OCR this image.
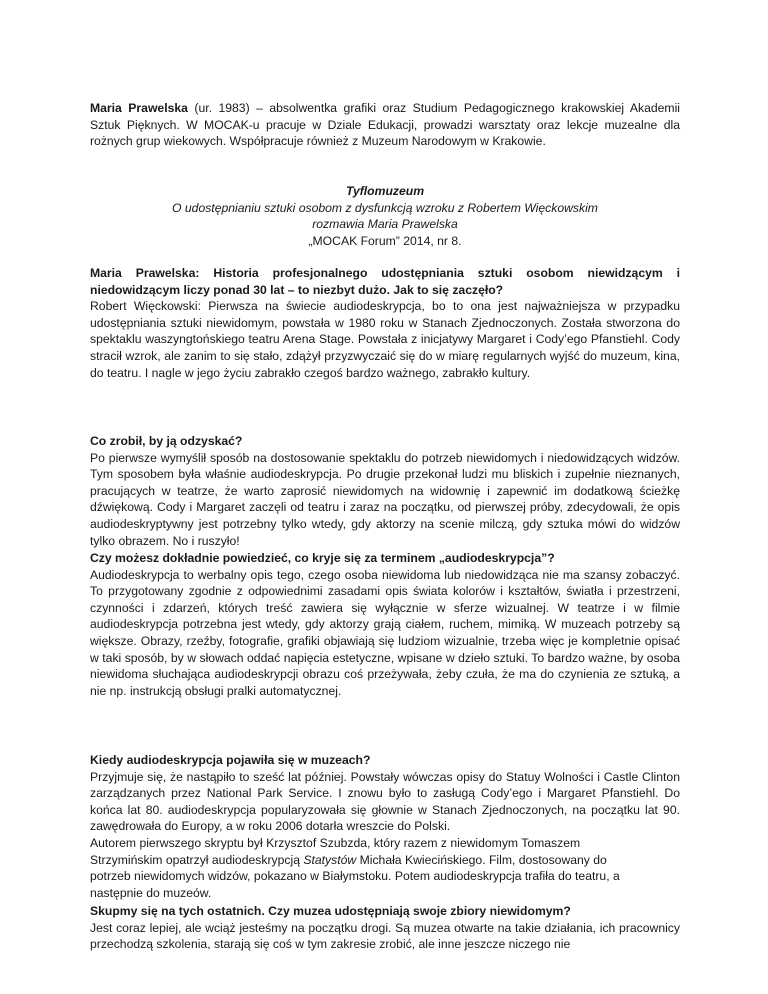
Maria Prawelska (ur. 1983) – absolwentka grafiki oraz Studium Pedagogicznego krakowskiej Akademii Sztuk Pięknych. W MOCAK-u pracuje w Dziale Edukacji, prowadzi warsztaty oraz lekcje muzealne dla rożnych grup wiekowych. Współpracuje również z Muzeum Narodowym w Krakowie.

Tyflomuzeum

O udostępnianiu sztuki osobom z dysfunkcją wzroku z Robertem Więckowskim

rozmawia Maria Prawelska

„MOCAK Forum” 2014, nr 8.

Maria Prawelska: Historia profesjonalnego udostępniania sztuki osobom niewidzącym i niedowidzącym liczy ponad 30 lat – to niezbyt dużo. Jak to się zaczęło?

Robert Więckowski: Pierwsza na świecie audiodeskrypcja, bo to ona jest najważniejsza w przypadku udostępniania sztuki niewidomym, powstała w 1980 roku w Stanach Zjednoczonych. Została stworzona do spektaklu waszyngtońskiego teatru Arena Stage. Powstała z inicjatywy Margaret i Cody’ego Pfanstiehl. Cody stracił wzrok, ale zanim to się stało, zdążył przyzwyczaić się do w miarę regularnych wyjść do muzeum, kina, do teatru. I nagle w jego życiu zabrakło czegoś bardzo ważnego, zabrakło kultury.

Co zrobił, by ją odzyskać?

Po pierwsze wymyślił sposób na dostosowanie spektaklu do potrzeb niewidomych i niedowidzących widzów. Tym sposobem była właśnie audiodeskrypcja. Po drugie przekonał ludzi mu bliskich i zupełnie nieznanych, pracujących w teatrze, że warto zaprosić niewidomych na widownię i zapewnić im dodatkową ścieżkę dźwiękową. Cody i Margaret zaczęli od teatru i zaraz na początku, od pierwszej próby, zdecydowali, że opis audiodeskryptywny jest potrzebny tylko wtedy, gdy aktorzy na scenie milczą, gdy sztuka mówi do widzów tylko obrazem. No i ruszyło!

Czy możesz dokładnie powiedzieć, co kryje się za terminem „audiodeskrypcja”?

Audiodeskrypcja to werbalny opis tego, czego osoba niewidoma lub niedowidząca nie ma szansy zobaczyć. To przygotowany zgodnie z odpowiednimi zasadami opis świata kolorów i kształtów, światła i przestrzeni, czynności i zdarzeń, których treść zawiera się wyłącznie w sferze wizualnej. W teatrze i w filmie audiodeskrypcja potrzebna jest wtedy, gdy aktorzy grają ciałem, ruchem, mimiką. W muzeach potrzeby są większe. Obrazy, rzeźby, fotografie, grafiki objawiają się ludziom wizualnie, trzeba więc je kompletnie opisać w taki sposób, by w słowach oddać napięcia estetyczne, wpisane w dzieło sztuki. To bardzo ważne, by osoba niewidoma słuchająca audiodeskrypcji obrazu coś przeżywała, żeby czuła, że ma do czynienia ze sztuką, a nie np. instrukcją obsługi pralki automatycznej.

Kiedy audiodeskrypcja pojawiła się w muzeach?

Przyjmuje się, że nastąpiło to sześć lat później. Powstały wówczas opisy do Statuy Wolności i Castle Clinton zarządzanych przez National Park Service. I znowu było to zasługą Cody’ego i Margaret Pfanstiehl. Do końca lat 80. audiodeskrypcja popularyzowała się głownie w Stanach Zjednoczonych, na początku lat 90. zawędrowała do Europy, a w roku 2006 dotarła wreszcie do Polski.

Autorem pierwszego skryptu był Krzysztof Szubzda, który razem z niewidomym Tomaszem Strzymińskim opatrzył audiodeskrypcją Statystów Michała Kwiecińskiego. Film, dostosowany do potrzeb niewidomych widzów, pokazano w Białymstoku. Potem audiodeskrypcja trafiła do teatru, a następnie do muzeów.

Skupmy się na tych ostatnich. Czy muzea udostępniają swoje zbiory niewidomym?

Jest coraz lepiej, ale wciąż jesteśmy na początku drogi. Są muzea otwarte na takie działania, ich pracownicy przechodzą szkolenia, starają się coś w tym zakresie zrobić, ale inne jeszcze niczego nie
